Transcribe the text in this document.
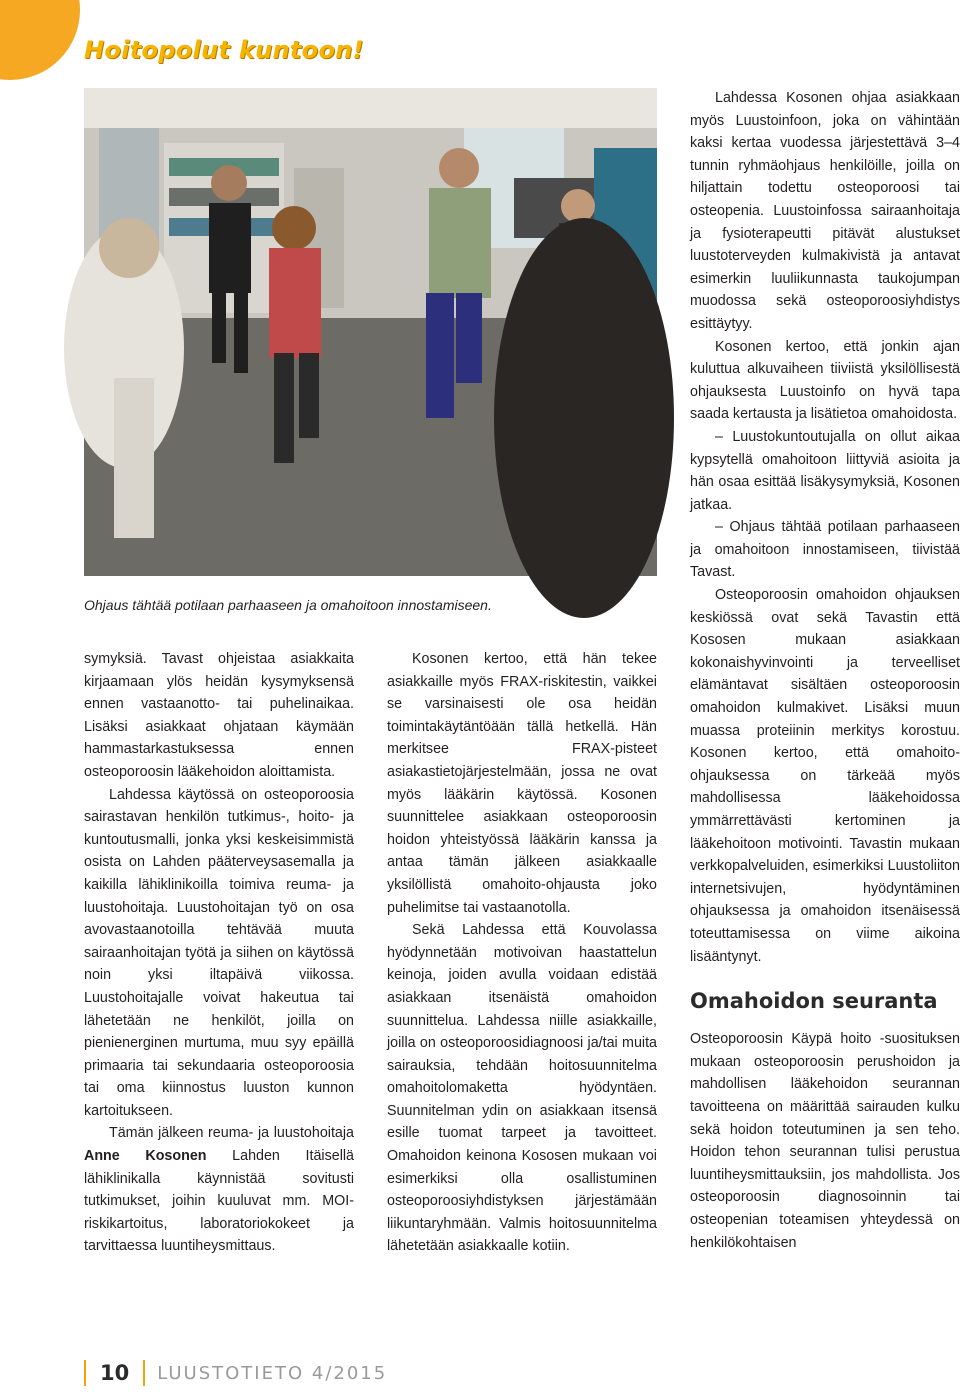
Hoitopolut kuntoon!
Kuva: Pauliina Tamminen
Ohjaus tähtää potilaan parhaaseen ja omahoitoon innostamiseen.

symyksiä. Tavast ohjeistaa asiakkaita kirjaamaan ylös heidän kysymyksensä ennen vastaanotto- tai puhelinaikaa. Lisäksi asiakkaat ohjataan käymään hammastarkastuksessa ennen osteoporoosin lääkehoidon aloittamista.

Lahdessa käytössä on osteoporoosia sairastavan henkilön tutkimus-, hoito- ja kuntoutusmalli, jonka yksi keskeisimmistä osista on Lahden pääterveysasemalla ja kaikilla lähiklinikoilla toimiva reuma- ja luustohoitaja. Luustohoitajan työ on osa avovastaanotoilla tehtävää muuta sairaanhoitajan työtä ja siihen on käytössä noin yksi iltapäivä viikossa. Luustohoitajalle voivat hakeutua tai lähetetään ne henkilöt, joilla on pienienerginen murtuma, muu syy epäillä primaaria tai sekundaaria osteoporoosia tai oma kiinnostus luuston kunnon kartoitukseen.

Tämän jälkeen reuma- ja luustohoitaja Anne Kosonen Lahden Itäisellä lähiklinikalla käynnistää sovitusti tutkimukset, joihin kuuluvat mm. MOI-riskikartoitus, laboratoriokokeet ja tarvittaessa luuntiheysmittaus.

Kosonen kertoo, että hän tekee asiakkaille myös FRAX-riskitestin, vaikkei se varsinaisesti ole osa heidän toimintakäytäntöään tällä hetkellä. Hän merkitsee FRAX-pisteet asiakastietojärjestelmään, jossa ne ovat myös lääkärin käytössä. Kosonen suunnittelee asiakkaan osteoporoosin hoidon yhteistyössä lääkärin kanssa ja antaa tämän jälkeen asiakkaalle yksilöllistä omahoito-ohjausta joko puhelimitse tai vastaanotolla.

Sekä Lahdessa että Kouvolassa hyödynnetään motivoivan haastattelun keinoja, joiden avulla voidaan edistää asiakkaan itsenäistä omahoidon suunnittelua. Lahdessa niille asiakkaille, joilla on osteoporoosidiagnoosi ja/tai muita sairauksia, tehdään hoitosuunnitelma omahoitolomaketta hyödyntäen. Suunnitelman ydin on asiakkaan itsensä esille tuomat tarpeet ja tavoitteet. Omahoidon keinona Kososen mukaan voi esimerkiksi olla osallistuminen osteoporoosiyhdistyksen järjestämään liikuntaryhmään. Valmis hoitosuunnitelma lähetetään asiakkaalle kotiin.

Lahdessa Kosonen ohjaa asiakkaan myös Luustoinfoon, joka on vähintään kaksi kertaa vuodessa järjestettävä 3–4 tunnin ryhmäohjaus henkilöille, joilla on hiljattain todettu osteoporoosi tai osteopenia. Luustoinfossa sairaanhoitaja ja fysioterapeutti pitävät alustukset luustoterveyden kulmakivistä ja antavat esimerkin luuliikunnasta taukojumpan muodossa sekä osteoporoosiyhdistys esittäytyy.

Kosonen kertoo, että jonkin ajan kuluttua alkuvaiheen tiiviistä yksilöllisestä ohjauksesta Luustoinfo on hyvä tapa saada kertausta ja lisätietoa omahoidosta.

– Luustokuntoutujalla on ollut aikaa kypsytellä omahoitoon liittyviä asioita ja hän osaa esittää lisäkysymyksiä, Kosonen jatkaa.

– Ohjaus tähtää potilaan parhaaseen ja omahoitoon innostamiseen, tiivistää Tavast.

Osteoporoosin omahoidon ohjauksen keskiössä ovat sekä Tavastin että Kososen mukaan asiakkaan kokonaishyvinvointi ja terveelliset elämäntavat sisältäen osteoporoosin omahoidon kulmakivet. Lisäksi muun muassa proteiinin merkitys korostuu. Kosonen kertoo, että omahoito-ohjauksessa on tärkeää myös mahdollisessa lääkehoidossa ymmärrettävästi kertominen ja lääkehoitoon motivointi. Tavastin mukaan verkkopalveluiden, esimerkiksi Luustoliiton internetsivujen, hyödyntäminen ohjauksessa ja omahoidon itsenäisessä toteuttamisessa on viime aikoina lisääntynyt.

Omahoidon seuranta

Osteoporoosin Käypä hoito -suosituksen mukaan osteoporoosin perushoidon ja mahdollisen lääkehoidon seurannan tavoitteena on määrittää sairauden kulku sekä hoidon toteutuminen ja sen teho. Hoidon tehon seurannan tulisi perustua luuntiheysmittauksiin, jos mahdollista. Jos osteoporoosin diagnosoinnin tai osteopenian toteamisen yhteydessä on henkilökohtaisen

10 LUUSTOTIETO 4/2015
